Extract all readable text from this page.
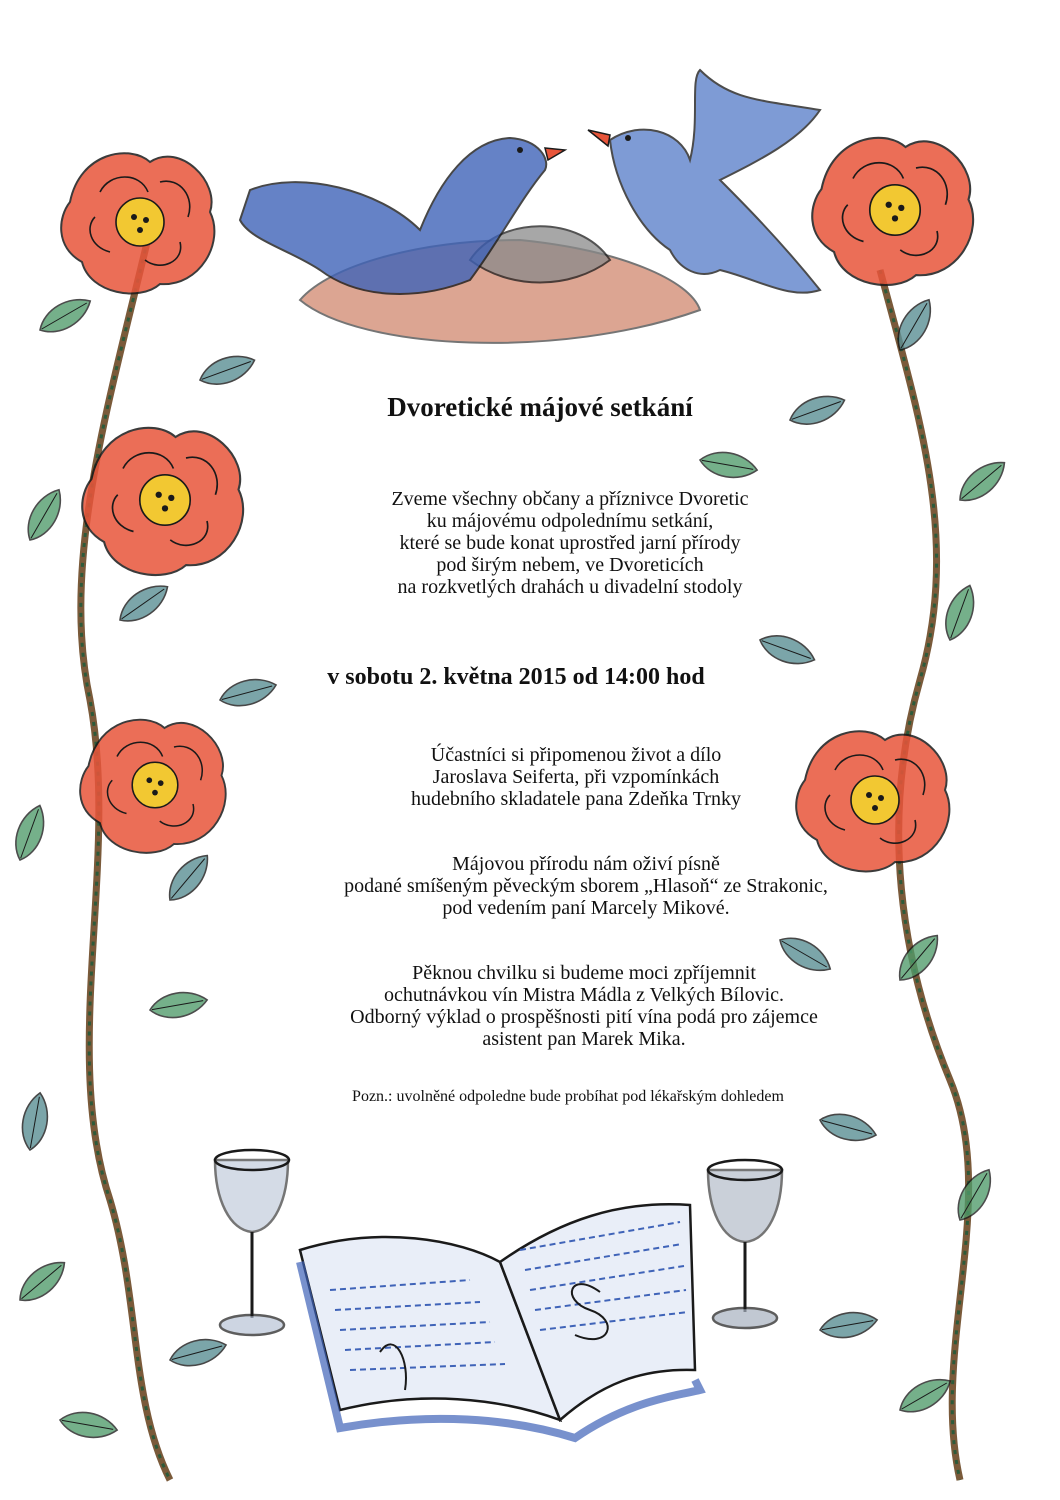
Dvoretické májové setkání
Zveme všechny občany a příznivce Dvoretic
ku májovému odpolednímu setkání,
které se bude konat uprostřed jarní přírody
pod širým nebem, ve Dvoreticích
na rozkvetlých drahách u divadelní stodoly
v sobotu 2. května 2015 od 14:00 hod
Účastníci si připomenou život a dílo
Jaroslava Seiferta, při vzpomínkách
hudebního skladatele pana Zdeňka Trnky
Májovou přírodu nám oživí písně
podané smíšeným pěveckým sborem „Hlasoň“ ze Strakonic,
pod vedením paní Marcely Mikové.
Pěknou chvilku si budeme moci zpříjemnit
ochutnávkou vín Mistra Mádla z Velkých Bílovic.
Odborný výklad o prospěšnosti pití vína podá pro zájemce
asistent pan Marek Mika.
Pozn.: uvolněné odpoledne bude probíhat pod lékařským dohledem
